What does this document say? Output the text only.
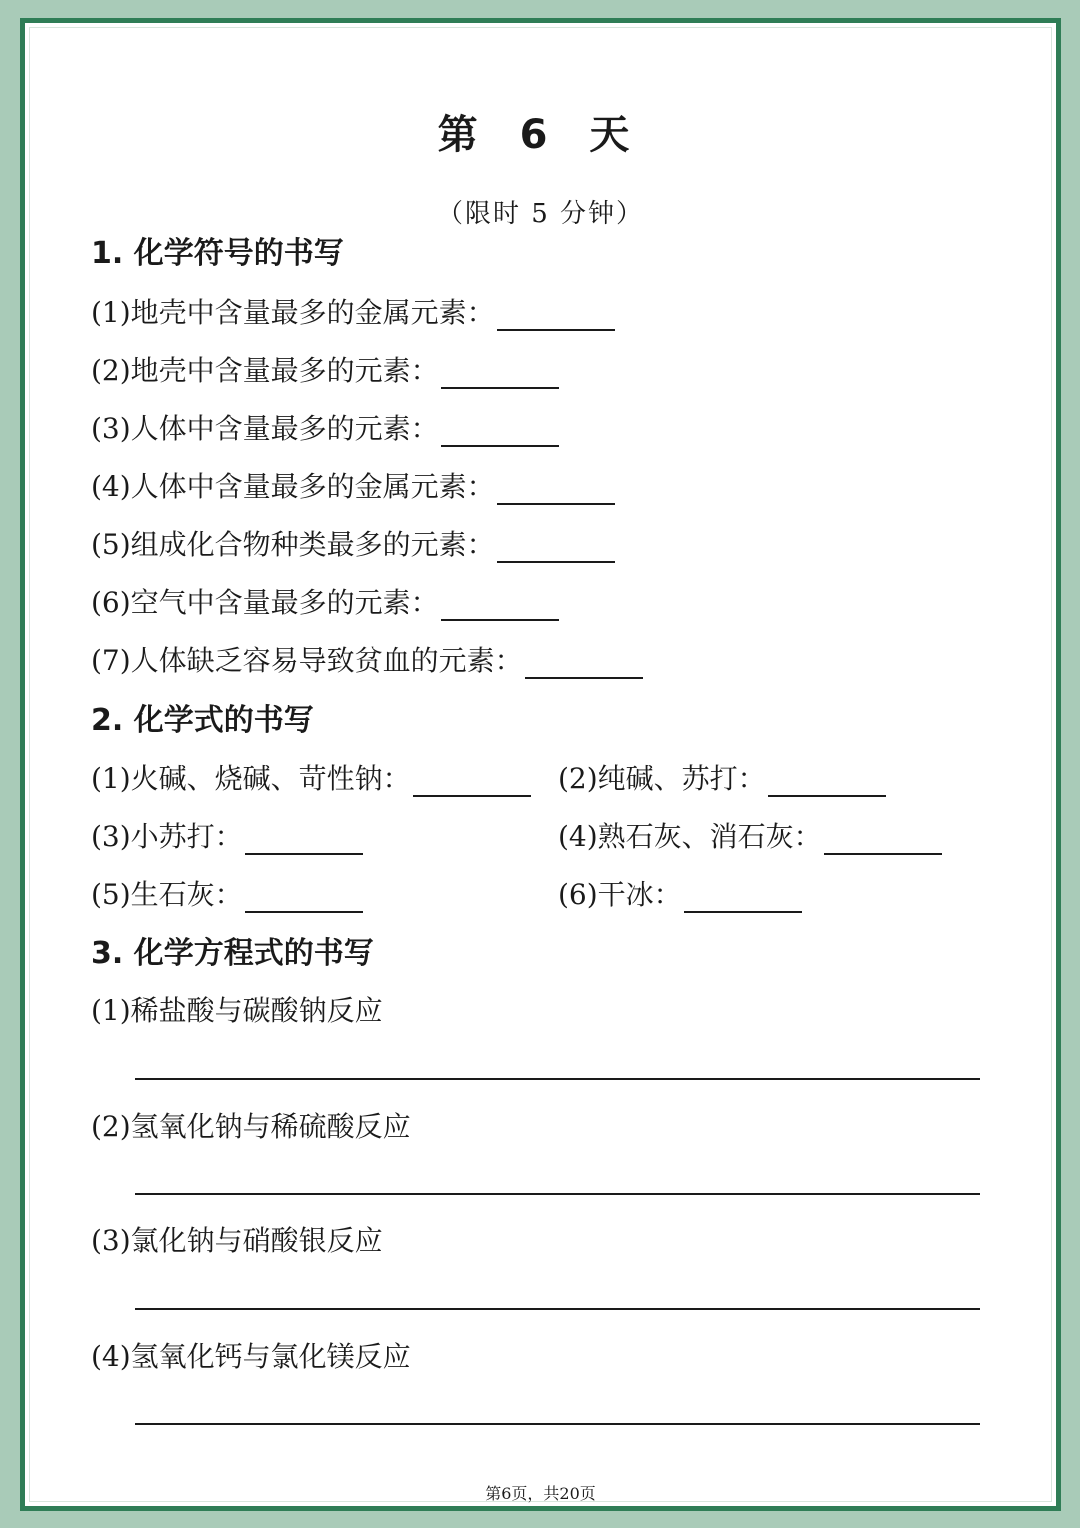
第 6 天
（限时 5 分钟）
1. 化学符号的书写
(1)地壳中含量最多的金属元素：
(2)地壳中含量最多的元素：
(3)人体中含量最多的元素：
(4)人体中含量最多的金属元素：
(5)组成化合物种类最多的元素：
(6)空气中含量最多的元素：
(7)人体缺乏容易导致贫血的元素：
2. 化学式的书写
(1)火碱、烧碱、苛性钠：	(2)纯碱、苏打：
(3)小苏打：	(4)熟石灰、消石灰：
(5)生石灰：	(6)干冰：
3. 化学方程式的书写
(1)稀盐酸与碳酸钠反应
(2)氢氧化钠与稀硫酸反应
(3)氯化钠与硝酸银反应
(4)氢氧化钙与氯化镁反应
第6页，共20页
